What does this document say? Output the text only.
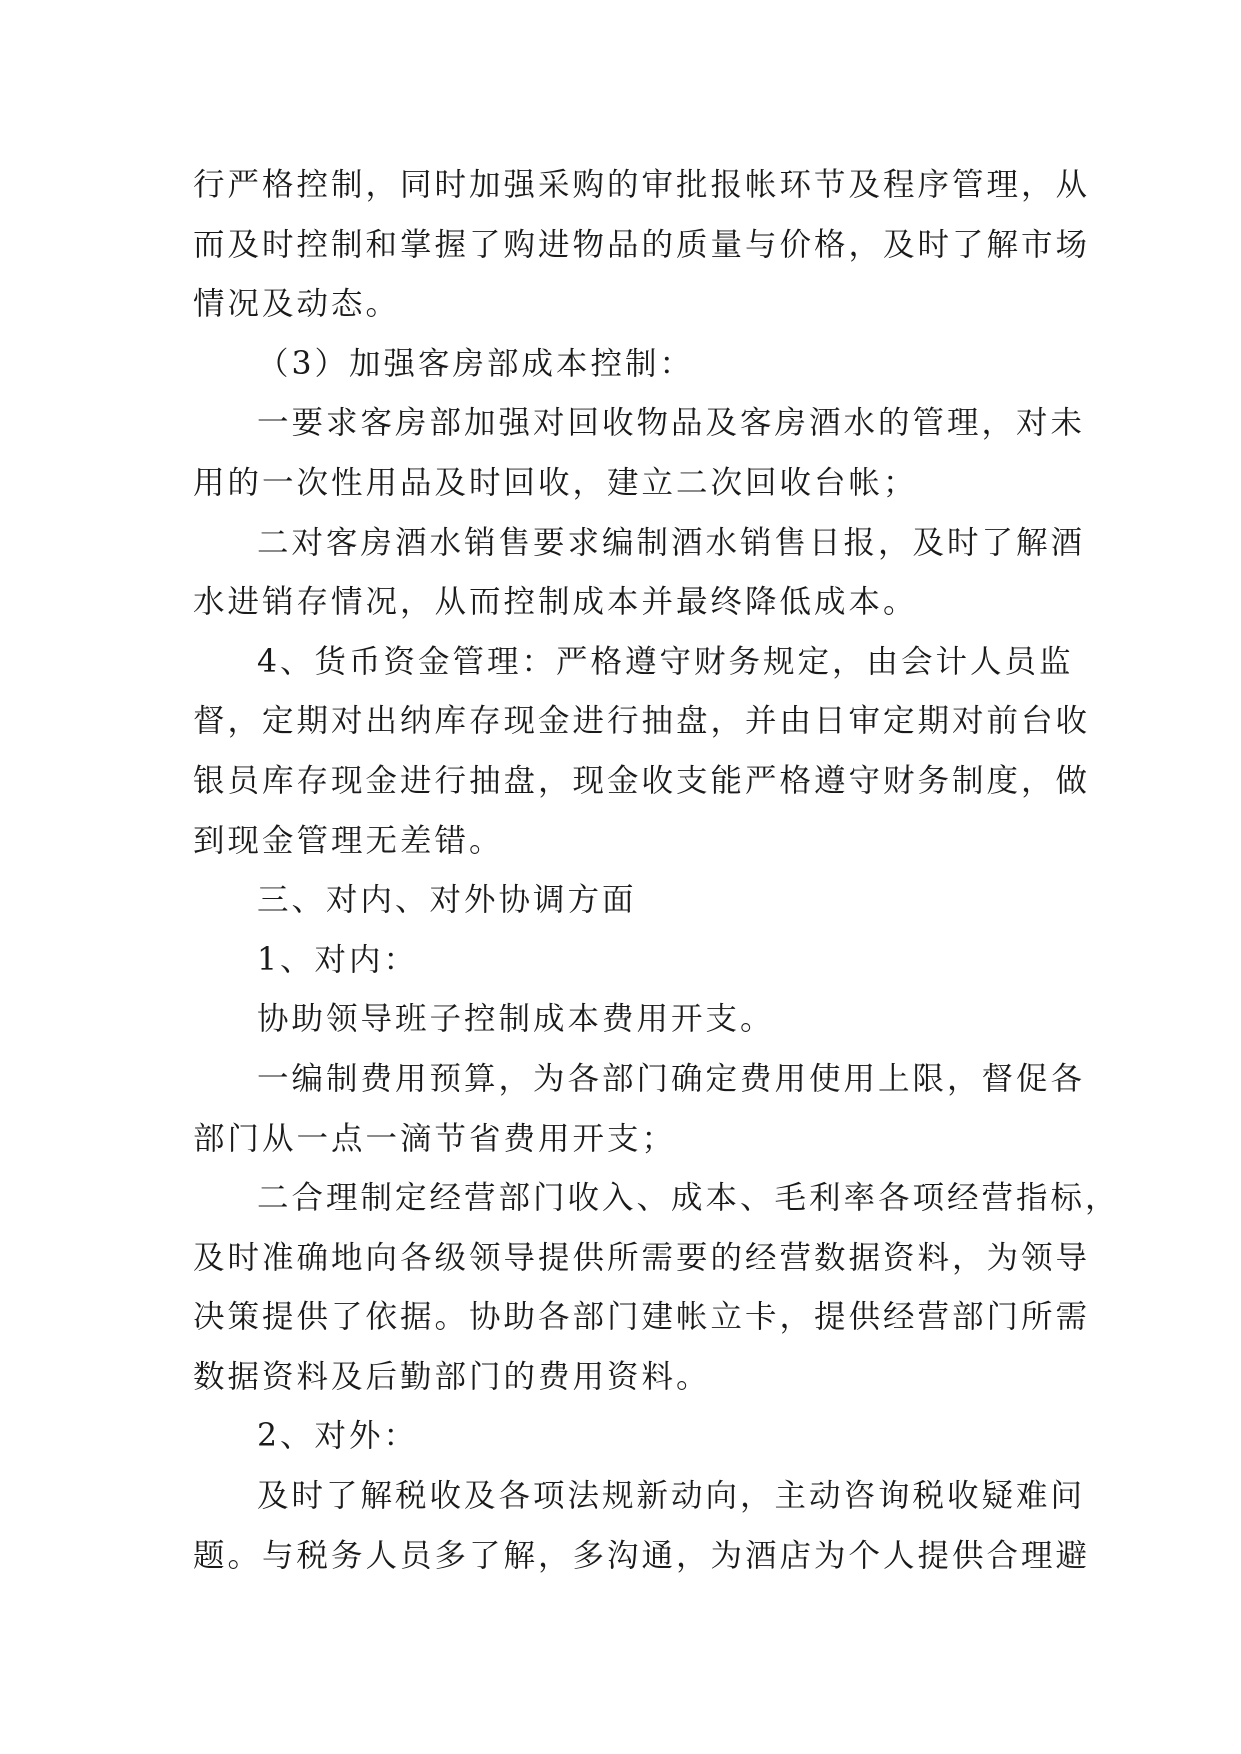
行严格控制，同时加强采购的审批报帐环节及程序管理，从
而及时控制和掌握了购进物品的质量与价格，及时了解市场
情况及动态。
（3）加强客房部成本控制：
一要求客房部加强对回收物品及客房酒水的管理，对未
用的一次性用品及时回收，建立二次回收台帐；
二对客房酒水销售要求编制酒水销售日报，及时了解酒
水进销存情况，从而控制成本并最终降低成本。
4、货币资金管理：严格遵守财务规定，由会计人员监
督，定期对出纳库存现金进行抽盘，并由日审定期对前台收
银员库存现金进行抽盘，现金收支能严格遵守财务制度，做
到现金管理无差错。
三、对内、对外协调方面
1、对内：
协助领导班子控制成本费用开支。
一编制费用预算，为各部门确定费用使用上限，督促各
部门从一点一滴节省费用开支；
二合理制定经营部门收入、成本、毛利率各项经营指标，
及时准确地向各级领导提供所需要的经营数据资料，为领导
决策提供了依据。协助各部门建帐立卡，提供经营部门所需
数据资料及后勤部门的费用资料。
2、对外：
及时了解税收及各项法规新动向，主动咨询税收疑难问
题。与税务人员多了解，多沟通，为酒店为个人提供合理避
